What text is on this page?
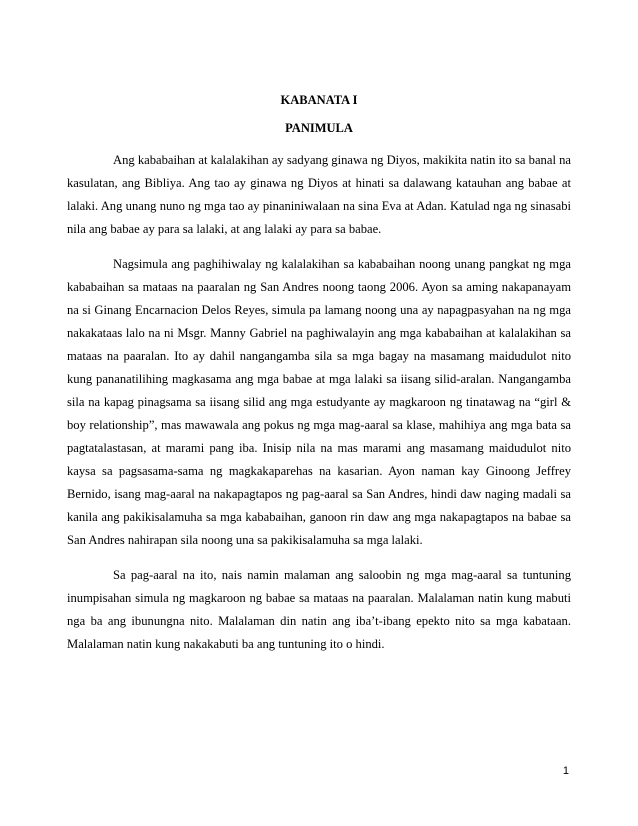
KABANATA I
PANIMULA

Ang kababaihan at kalalakihan ay sadyang ginawa ng Diyos, makikita natin ito sa banal na kasulatan, ang Bibliya. Ang tao ay ginawa ng Diyos at hinati sa dalawang katauhan ang babae at lalaki. Ang unang nuno ng mga tao ay pinaniniwalaan na sina Eva at Adan. Katulad nga ng sinasabi nila ang babae ay para sa lalaki, at ang lalaki ay para sa babae.

Nagsimula ang paghihiwalay ng kalalakihan sa kababaihan noong unang pangkat ng mga kababaihan sa mataas na paaralan ng San Andres noong taong 2006. Ayon sa aming nakapanayam na si Ginang Encarnacion Delos Reyes, simula pa lamang noong una ay napagpasyahan na ng mga nakakataas lalo na ni Msgr. Manny Gabriel na paghiwalayin ang mga kababaihan at kalalakihan sa mataas na paaralan. Ito ay dahil nangangamba sila sa mga bagay na masamang maidudulot nito kung pananatilihing magkasama ang mga babae at mga lalaki sa iisang silid-aralan. Nangangamba sila na kapag pinagsama sa iisang silid ang mga estudyante ay magkaroon ng tinatawag na “girl & boy relationship”, mas mawawala ang pokus ng mga mag-aaral sa klase, mahihiya ang mga bata sa pagtatalastasan, at marami pang iba. Inisip nila na mas marami ang masamang maidudulot nito kaysa sa pagsasama-sama ng magkakaparehas na kasarian. Ayon naman kay Ginoong Jeffrey Bernido, isang mag-aaral na nakapagtapos ng pag-aaral sa San Andres, hindi daw naging madali sa kanila ang pakikisalamuha sa mga kababaihan, ganoon rin daw ang mga nakapagtapos na babae sa San Andres nahirapan sila noong una sa pakikisalamuha sa mga lalaki.

Sa pag-aaral na ito, nais namin malaman ang saloobin ng mga mag-aaral sa tuntuning inumpisahan simula ng magkaroon ng babae sa mataas na paaralan. Malalaman natin kung mabuti nga ba ang ibunungna nito. Malalaman din natin ang iba’t-ibang epekto nito sa mga kabataan. Malalaman natin kung nakakabuti ba ang tuntuning ito o hindi.

1
